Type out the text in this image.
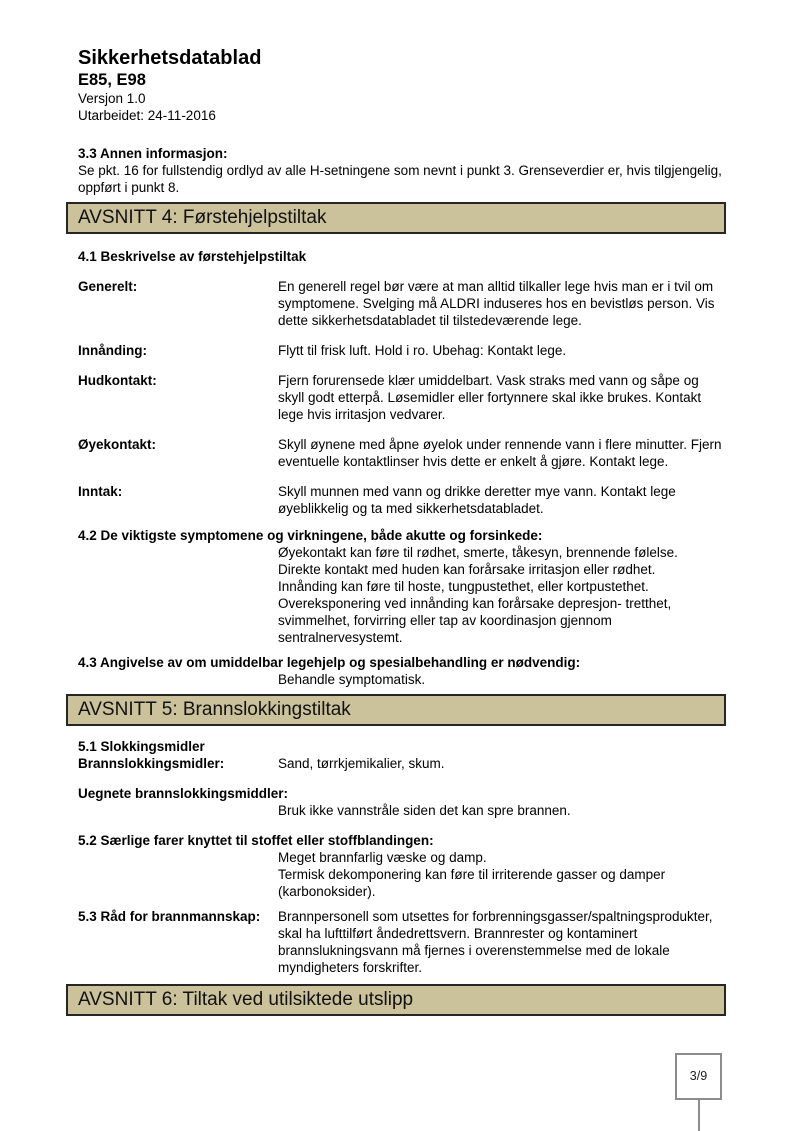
Sikkerhetsdatablad
E85, E98
Versjon 1.0
Utarbeidet: 24-11-2016
3.3 Annen informasjon:
Se pkt. 16 for fullstendig ordlyd av alle H-setningene som nevnt i punkt 3. Grenseverdier er, hvis tilgjengelig,
oppført i punkt 8.
AVSNITT 4: Førstehjelpstiltak
4.1 Beskrivelse av førstehjelpstiltak
Generelt:	En generell regel bør være at man alltid tilkaller lege hvis man er i tvil om
symptomene. Svelging må ALDRI induseres hos en bevistløs person. Vis
dette sikkerhetsdatabladet til tilstedeværende lege.
Innånding:	Flytt til frisk luft. Hold i ro. Ubehag: Kontakt lege.
Hudkontakt:	Fjern forurensede klær umiddelbart. Vask straks med vann og såpe og
skyll godt etterpå. Løsemidler eller fortynnere skal ikke brukes. Kontakt
lege hvis irritasjon vedvarer.
Øyekontakt:	Skyll øynene med åpne øyelok under rennende vann i flere minutter. Fjern
eventuelle kontaktlinser hvis dette er enkelt å gjøre. Kontakt lege.
Inntak:	Skyll munnen med vann og drikke deretter mye vann. Kontakt lege
øyeblikkelig og ta med sikkerhetsdatabladet.
4.2 De viktigste symptomene og virkningene, både akutte og forsinkede:
Øyekontakt kan føre til rødhet, smerte, tåkesyn, brennende følelse.
Direkte kontakt med huden kan forårsake irritasjon eller rødhet.
Innånding kan føre til hoste, tungpustethet, eller kortpustethet.
Overeksponering ved innånding kan forårsake depresjon- tretthet,
svimmelhet, forvirring eller tap av koordinasjon gjennom
sentralnervesystemt.
4.3 Angivelse av om umiddelbar legehjelp og spesialbehandling er nødvendig:
Behandle symptomatisk.
AVSNITT 5: Brannslokkingstiltak
5.1 Slokkingsmidler
Brannslokkingsmidler:	Sand, tørrkjemikalier, skum.
Uegnete brannslokkingsmiddler:
Bruk ikke vannstråle siden det kan spre brannen.
5.2 Særlige farer knyttet til stoffet eller stoffblandingen:
Meget brannfarlig væske og damp.
Termisk dekomponering kan føre til irriterende gasser og damper
(karbonoksider).
5.3 Råd for brannmannskap:	Brannpersonell som utsettes for forbrenningsgasser/spaltningsprodukter,
skal ha lufttilført åndedrettsvern. Brannrester og kontaminert
brannslukningsvann må fjernes i overenstemmelse med de lokale
myndigheters forskrifter.
AVSNITT 6: Tiltak ved utilsiktede utslipp
3/9
